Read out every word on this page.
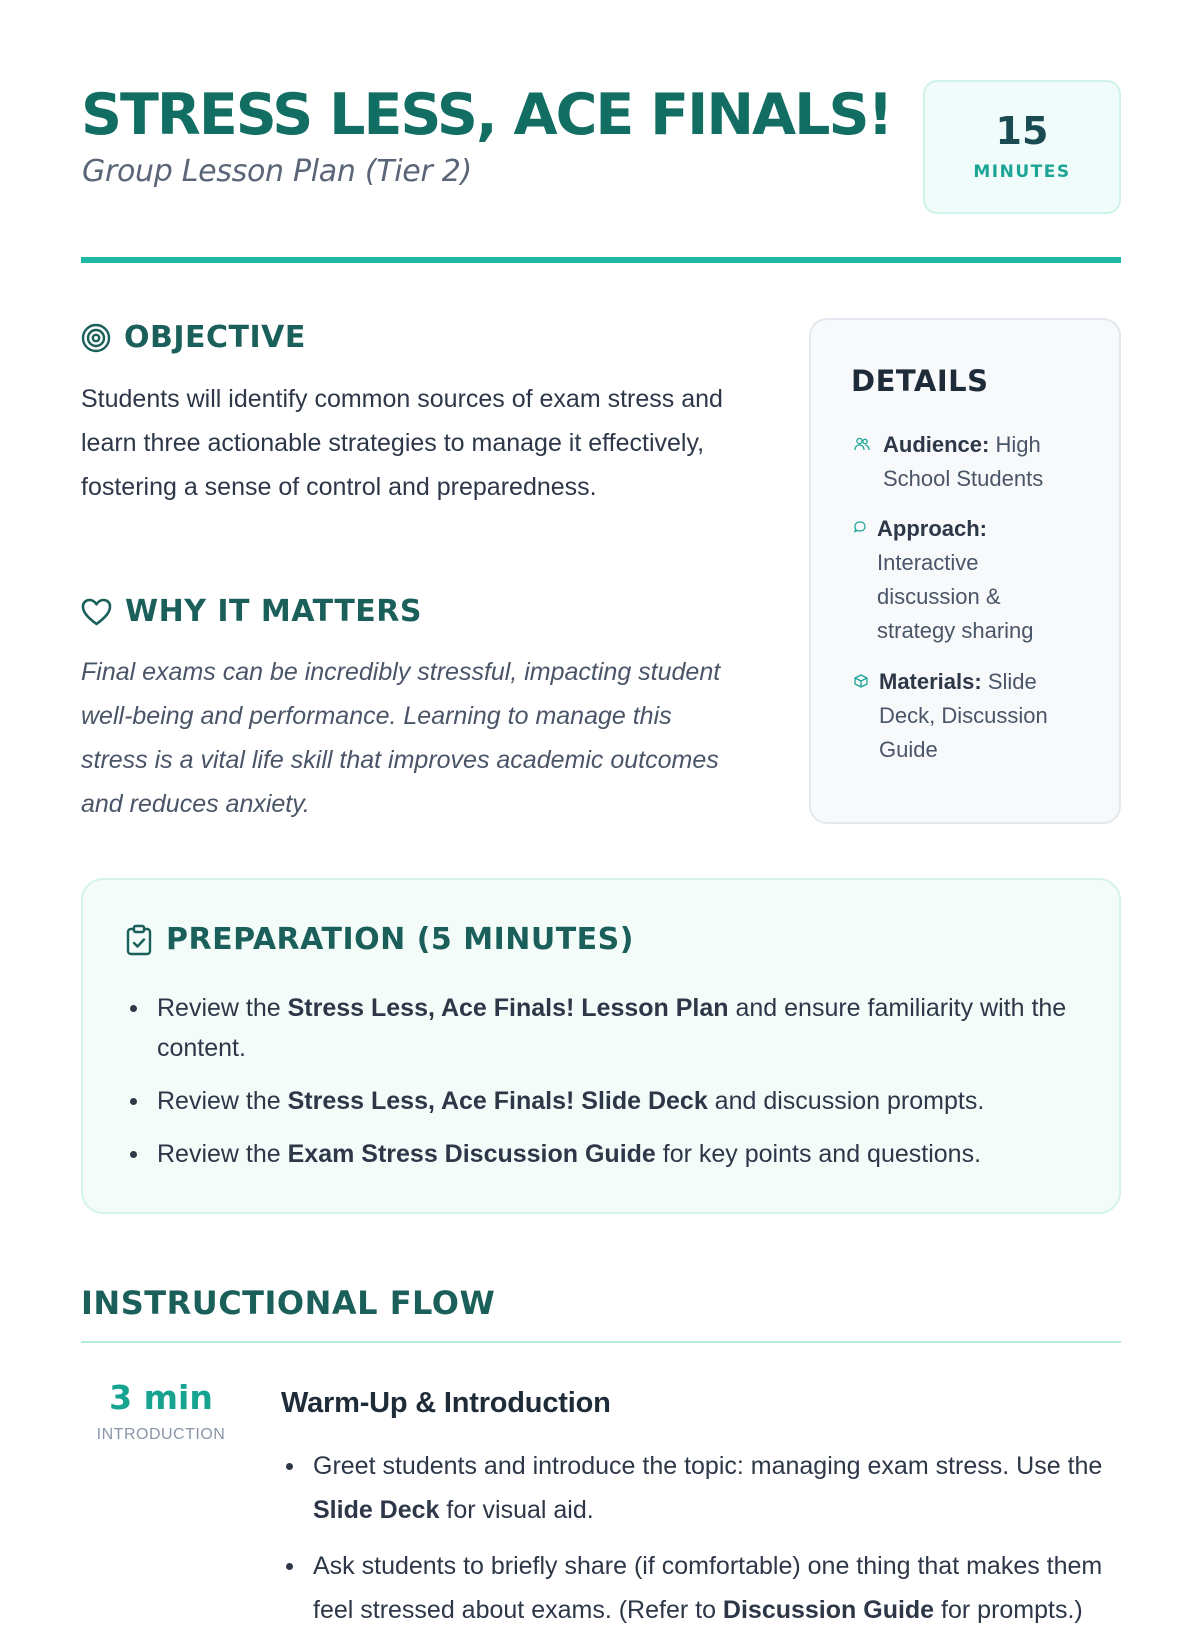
STRESS LESS, ACE FINALS!
Group Lesson Plan (Tier 2)
15
MINUTES
OBJECTIVE
Students will identify common sources of exam stress and learn three actionable strategies to manage it effectively, fostering a sense of control and preparedness.
WHY IT MATTERS
Final exams can be incredibly stressful, impacting student well-being and performance. Learning to manage this stress is a vital life skill that improves academic outcomes and reduces anxiety.
DETAILS
Audience: High School Students
Approach: Interactive discussion & strategy sharing
Materials: Slide Deck, Discussion Guide
PREPARATION (5 MINUTES)
Review the Stress Less, Ace Finals! Lesson Plan and ensure familiarity with the content.
Review the Stress Less, Ace Finals! Slide Deck and discussion prompts.
Review the Exam Stress Discussion Guide for key points and questions.
INSTRUCTIONAL FLOW
3 min
INTRODUCTION
Warm-Up & Introduction
Greet students and introduce the topic: managing exam stress. Use the Slide Deck for visual aid.
Ask students to briefly share (if comfortable) one thing that makes them feel stressed about exams. (Refer to Discussion Guide for prompts.)
